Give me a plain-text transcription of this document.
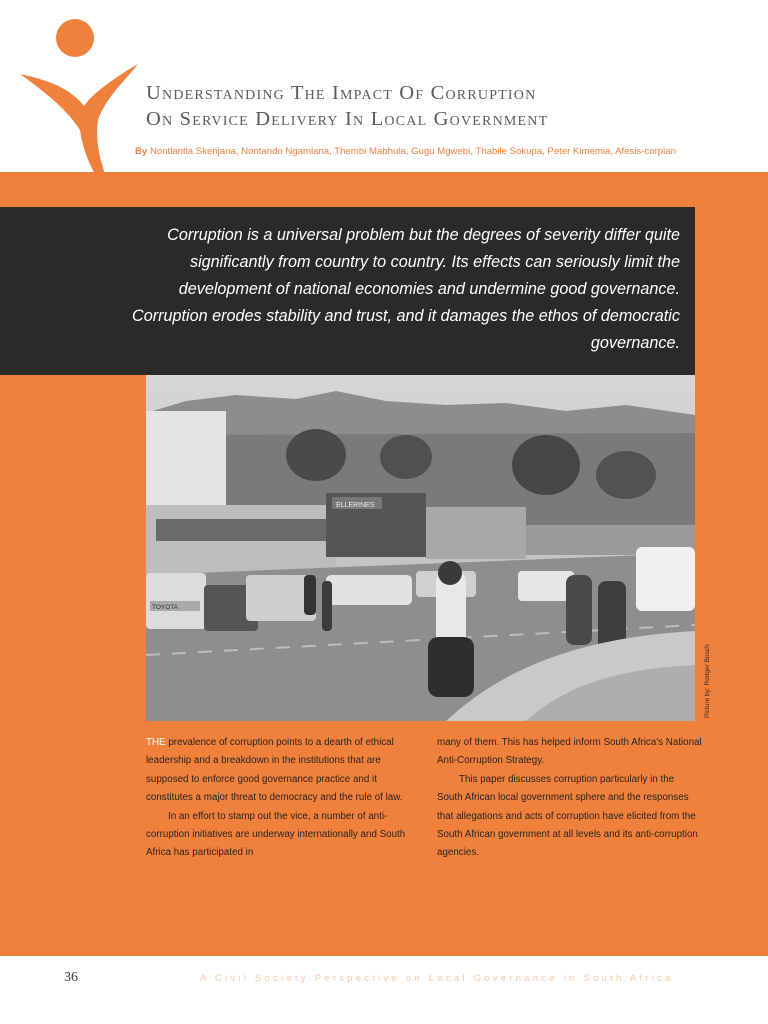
Understanding The Impact Of Corruption
On Service Delivery In Local Government
By Nontlantla Skenjana, Nontando Ngamlana, Thembi Mabhula, Gugu Mgwebi, Thabile Sokupa, Peter Kimemia, Afesis-corplan

Corruption is a universal problem but the degrees of severity differ quite significantly from country to country. Its effects can seriously limit the development of national economies and undermine good governance. Corruption erodes stability and trust, and it damages the ethos of democratic governance.

ELLERINES
TOYOTA
Picture by: Rodger Bosch

THE prevalence of corruption points to a dearth of ethical leadership and a breakdown in the institutions that are supposed to enforce good governance practice and it constitutes a major threat to democracy and the rule of law.

In an effort to stamp out the vice, a number of anti-corruption initiatives are underway internationally and South Africa has participated in

many of them. This has helped inform South Africa's National Anti-Corruption Strategy.

This paper discusses corruption particularly in the South African local government sphere and the responses that allegations and acts of corruption have elicited from the South African government at all levels and its anti-corruption agencies.

36	A Civil Society Perspective on Local Governance in South Africa
